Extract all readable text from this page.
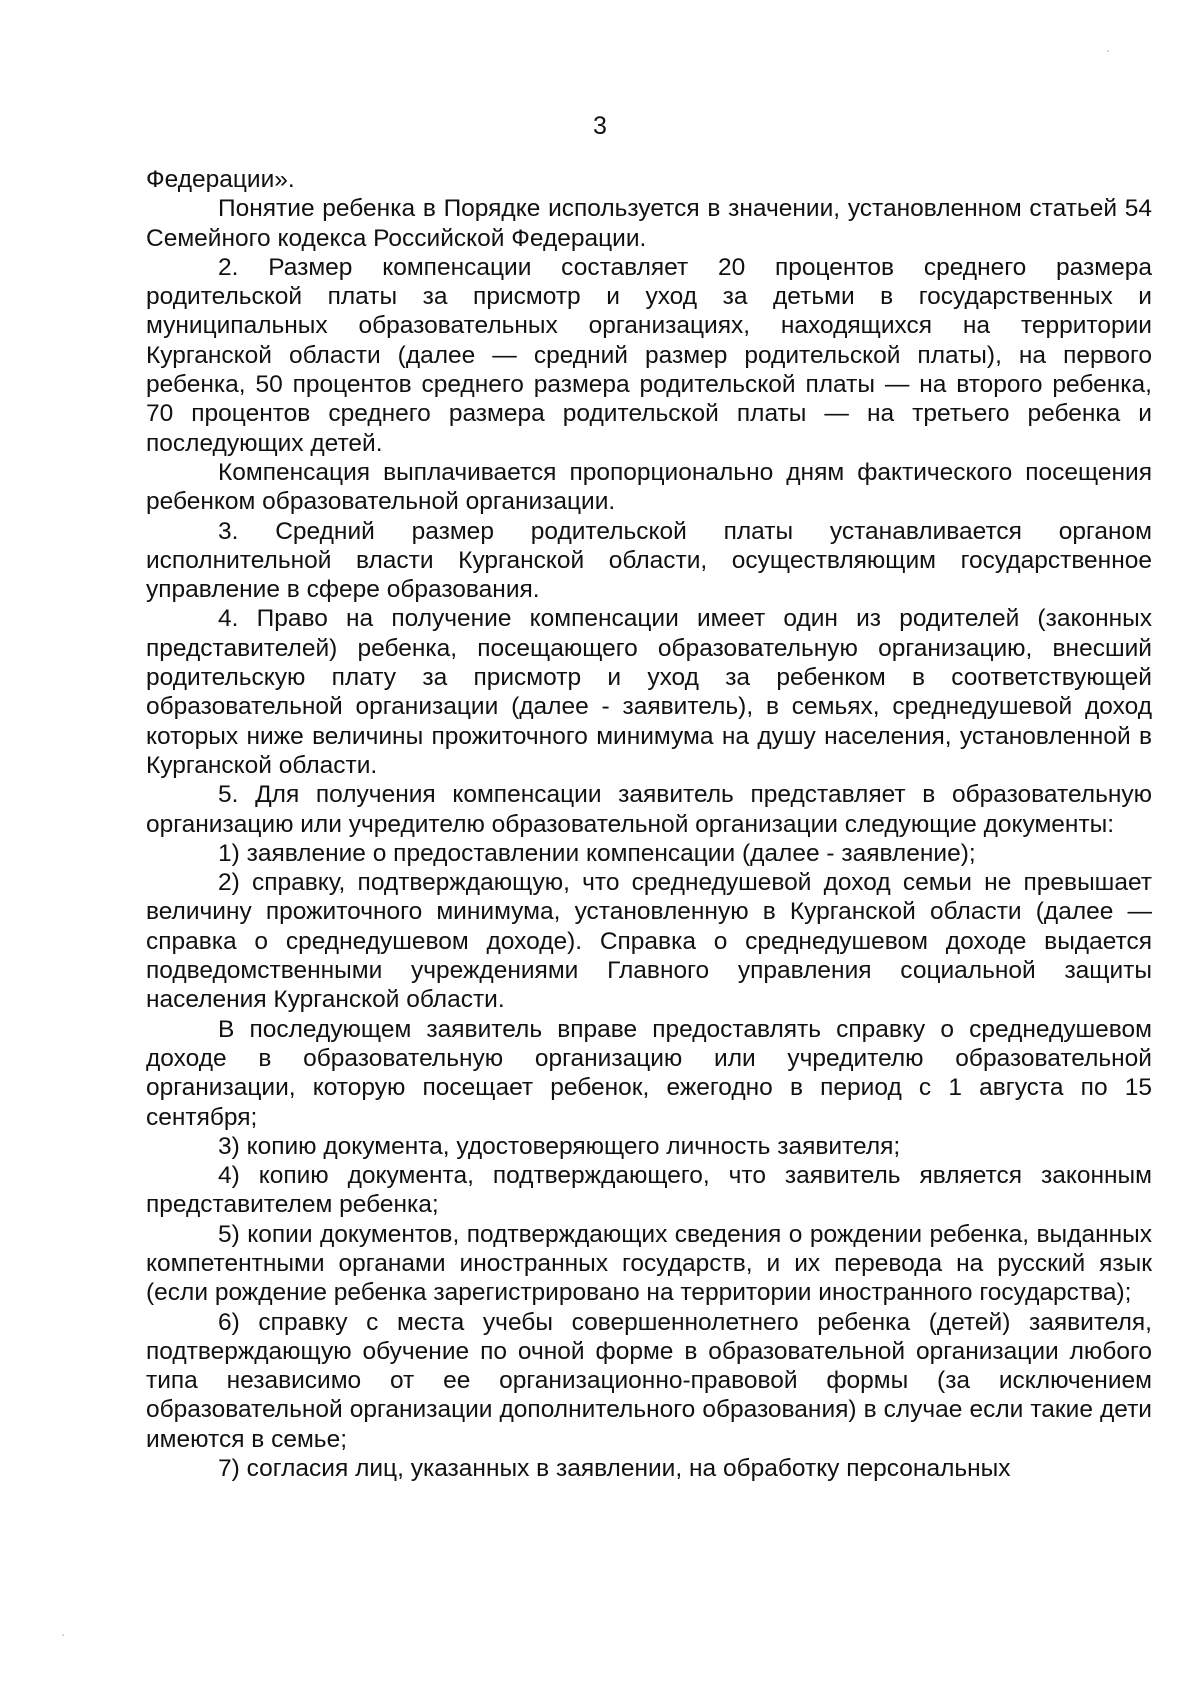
3

Федерации».

Понятие ребенка в Порядке используется в значении, установленном статьей 54 Семейного кодекса Российской Федерации.

2. Размер компенсации составляет 20 процентов среднего размера родительской платы за присмотр и уход за детьми в государственных и муниципальных образовательных организациях, находящихся на территории Курганской области (далее — средний размер родительской платы), на первого ребенка, 50 процентов среднего размера родительской платы — на второго ребенка, 70 процентов среднего размера родительской платы — на третьего ребенка и последующих детей.

Компенсация выплачивается пропорционально дням фактического посещения ребенком образовательной организации.

3. Средний размер родительской платы устанавливается органом исполнительной власти Курганской области, осуществляющим государственное управление в сфере образования.

4. Право на получение компенсации имеет один из родителей (законных представителей) ребенка, посещающего образовательную организацию, внесший родительскую плату за присмотр и уход за ребенком в соответствующей образовательной организации (далее - заявитель), в семьях, среднедушевой доход которых ниже величины прожиточного минимума на душу населения, установленной в Курганской области.

5. Для получения компенсации заявитель представляет в образовательную организацию или учредителю образовательной организации следующие документы:

1) заявление о предоставлении компенсации (далее - заявление);

2) справку, подтверждающую, что среднедушевой доход семьи не превышает величину прожиточного минимума, установленную в Курганской области (далее — справка о среднедушевом доходе). Справка о среднедушевом доходе выдается подведомственными учреждениями Главного управления социальной защиты населения Курганской области.

В последующем заявитель вправе предоставлять справку о среднедушевом доходе в образовательную организацию или учредителю образовательной организации, которую посещает ребенок, ежегодно в период с 1 августа по 15 сентября;

3) копию документа, удостоверяющего личность заявителя;

4) копию документа, подтверждающего, что заявитель является законным представителем ребенка;

5) копии документов, подтверждающих сведения о рождении ребенка, выданных компетентными органами иностранных государств, и их перевода на русский язык (если рождение ребенка зарегистрировано на территории иностранного государства);

6) справку с места учебы совершеннолетнего ребенка (детей) заявителя, подтверждающую обучение по очной форме в образовательной организации любого типа независимо от ее организационно-правовой формы (за исключением образовательной организации дополнительного образования) в случае если такие дети имеются в семье;

7) согласия лиц, указанных в заявлении, на обработку персональных
